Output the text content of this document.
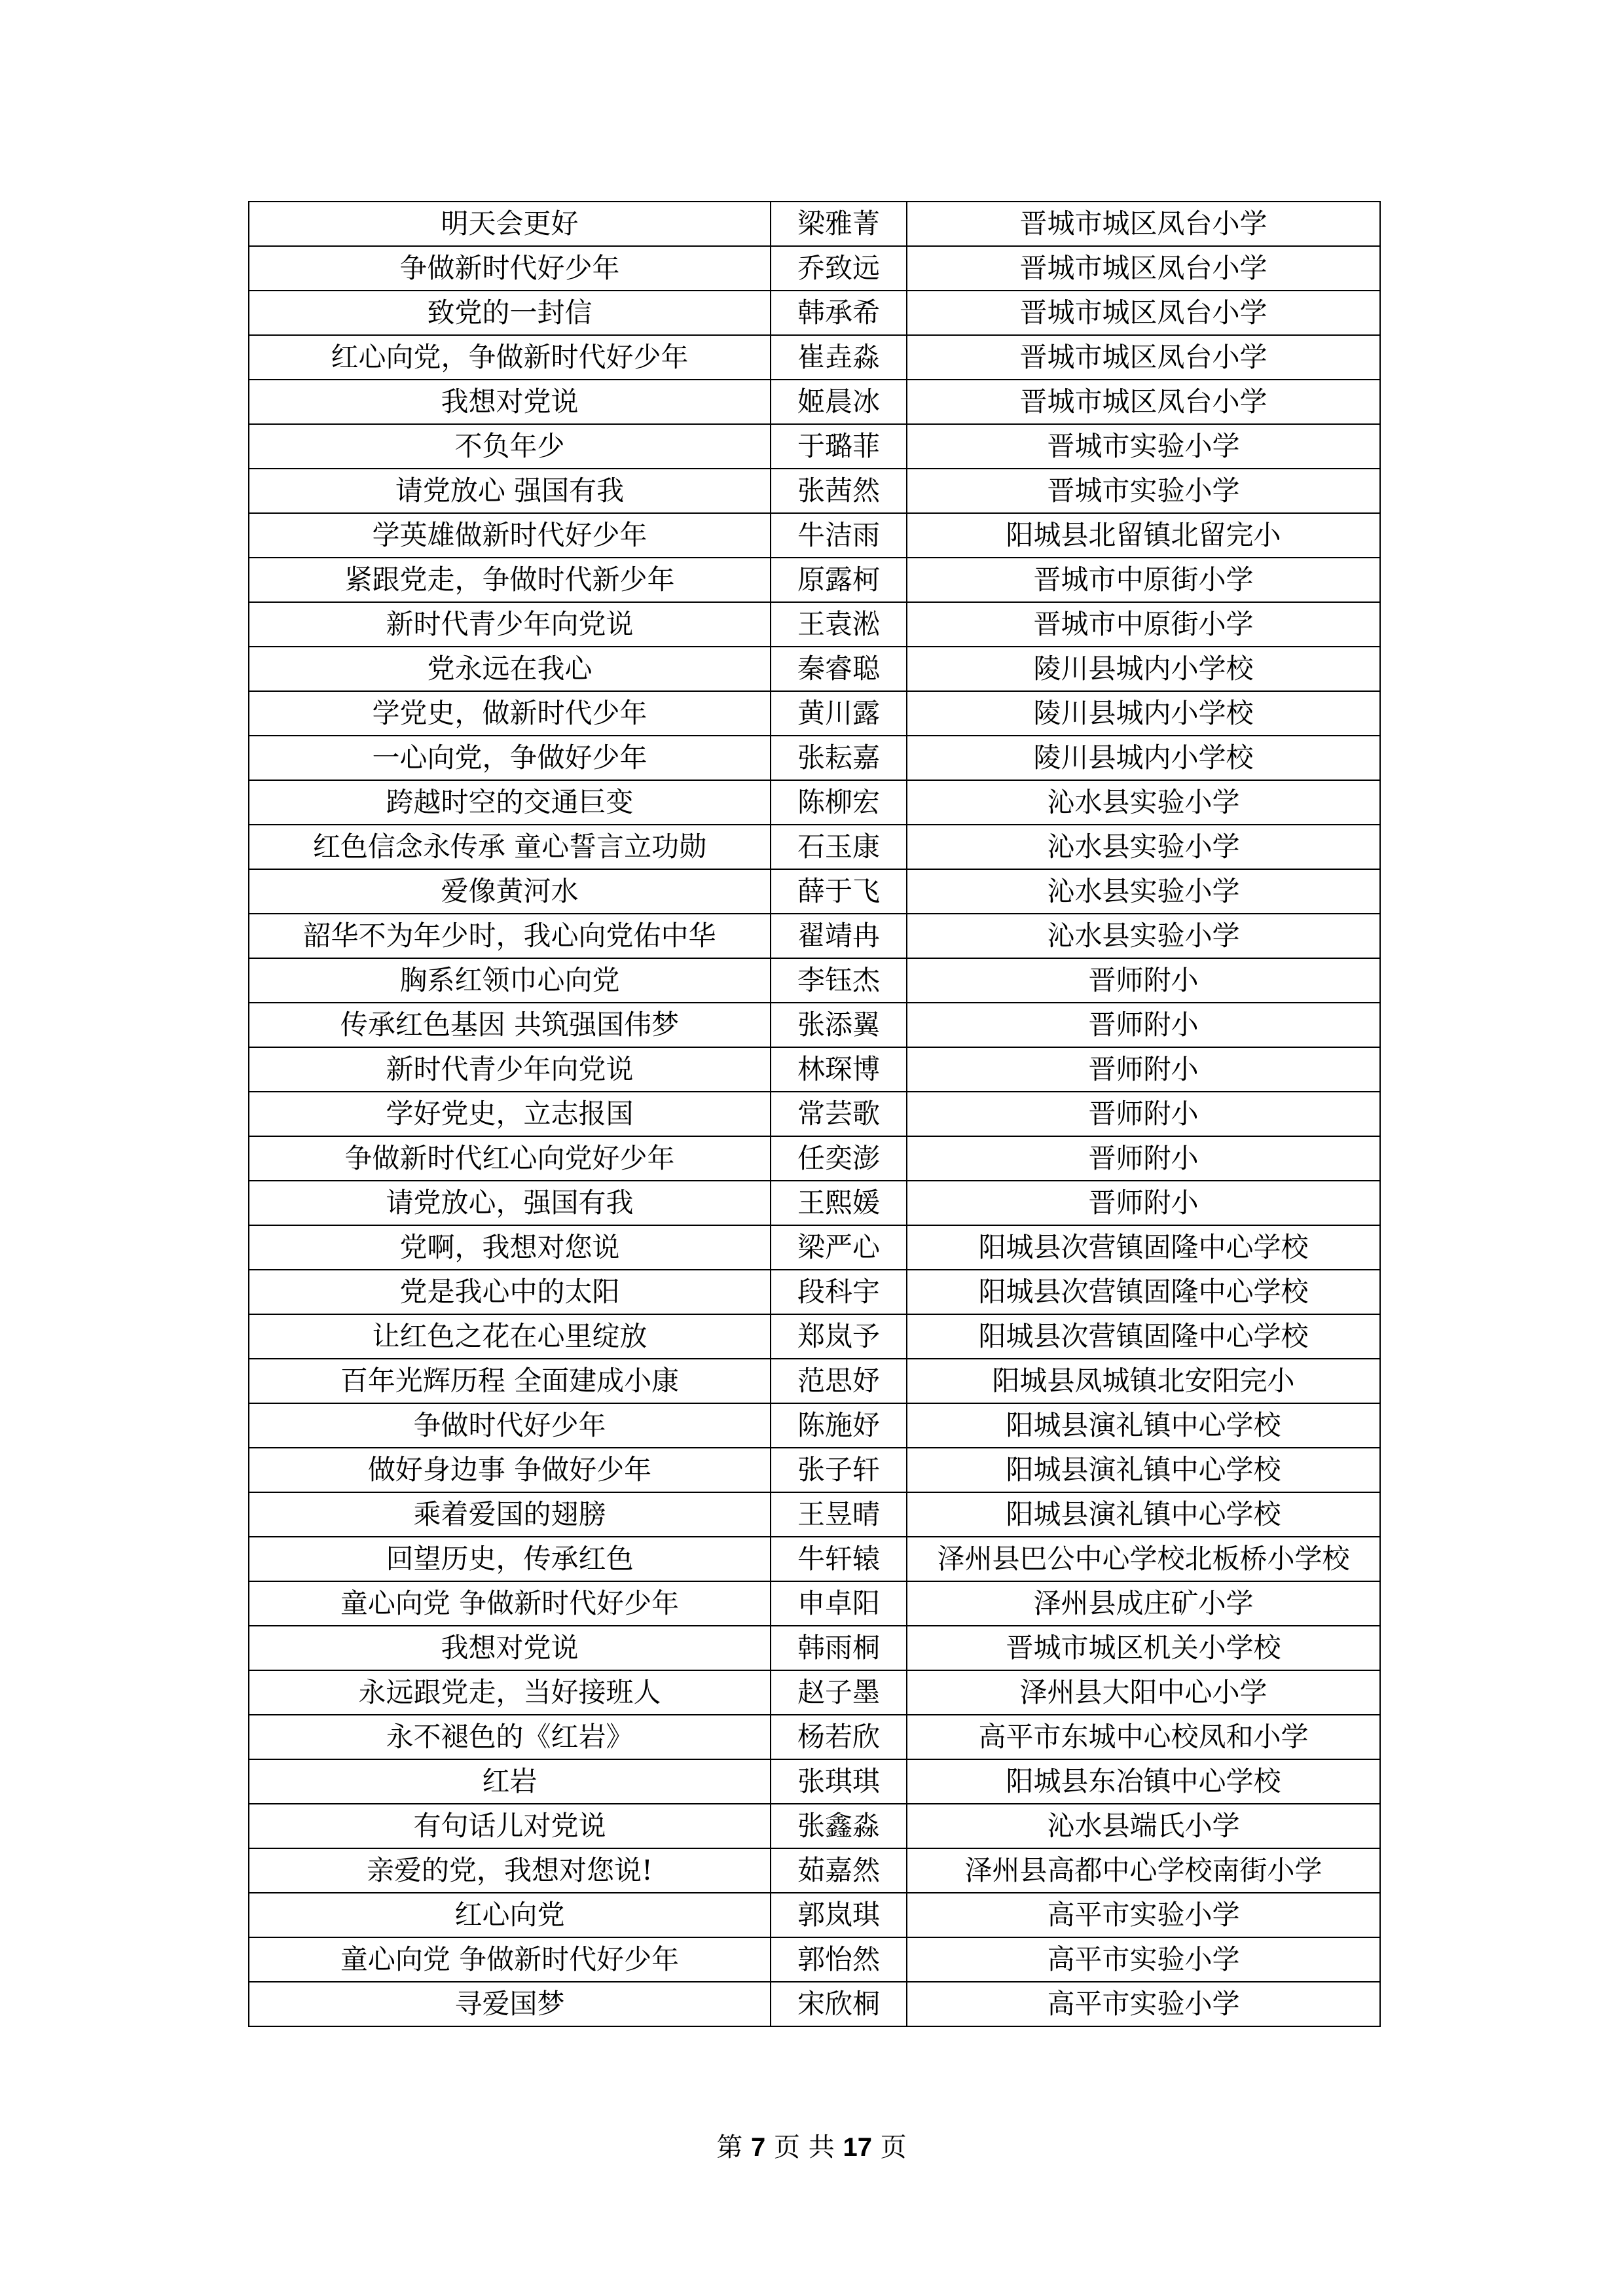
明天会更好	梁雅菁	晋城市城区凤台小学
争做新时代好少年	乔致远	晋城市城区凤台小学
致党的一封信	韩承希	晋城市城区凤台小学
红心向党，争做新时代好少年	崔垚淼	晋城市城区凤台小学
我想对党说	姬晨冰	晋城市城区凤台小学
不负年少	于璐菲	晋城市实验小学
请党放心 强国有我	张茜然	晋城市实验小学
学英雄做新时代好少年	牛洁雨	阳城县北留镇北留完小
紧跟党走，争做时代新少年	原露柯	晋城市中原街小学
新时代青少年向党说	王袁淞	晋城市中原街小学
党永远在我心	秦睿聪	陵川县城内小学校
学党史，做新时代少年	黄川露	陵川县城内小学校
一心向党，争做好少年	张耘嘉	陵川县城内小学校
跨越时空的交通巨变	陈柳宏	沁水县实验小学
红色信念永传承 童心誓言立功勋	石玉康	沁水县实验小学
爱像黄河水	薛于飞	沁水县实验小学
韶华不为年少时，我心向党佑中华	翟靖冉	沁水县实验小学
胸系红领巾心向党	李钰杰	晋师附小
传承红色基因 共筑强国伟梦	张添翼	晋师附小
新时代青少年向党说	林琛博	晋师附小
学好党史，立志报国	常芸歌	晋师附小
争做新时代红心向党好少年	任奕澎	晋师附小
请党放心，强国有我	王熙媛	晋师附小
党啊，我想对您说	梁严心	阳城县次营镇固隆中心学校
党是我心中的太阳	段科宇	阳城县次营镇固隆中心学校
让红色之花在心里绽放	郑岚予	阳城县次营镇固隆中心学校
百年光辉历程 全面建成小康	范思妤	阳城县凤城镇北安阳完小
争做时代好少年	陈施妤	阳城县演礼镇中心学校
做好身边事 争做好少年	张子轩	阳城县演礼镇中心学校
乘着爱国的翅膀	王昱晴	阳城县演礼镇中心学校
回望历史，传承红色	牛轩辕	泽州县巴公中心学校北板桥小学校
童心向党 争做新时代好少年	申卓阳	泽州县成庄矿小学
我想对党说	韩雨桐	晋城市城区机关小学校
永远跟党走，当好接班人	赵子墨	泽州县大阳中心小学
永不褪色的《红岩》	杨若欣	高平市东城中心校凤和小学
红岩	张琪琪	阳城县东冶镇中心学校
有句话儿对党说	张鑫淼	沁水县端氏小学
亲爱的党，我想对您说!	茹嘉然	泽州县高都中心学校南街小学
红心向党	郭岚琪	高平市实验小学
童心向党 争做新时代好少年	郭怡然	高平市实验小学
寻爱国梦	宋欣桐	高平市实验小学
第 7 页 共 17 页
